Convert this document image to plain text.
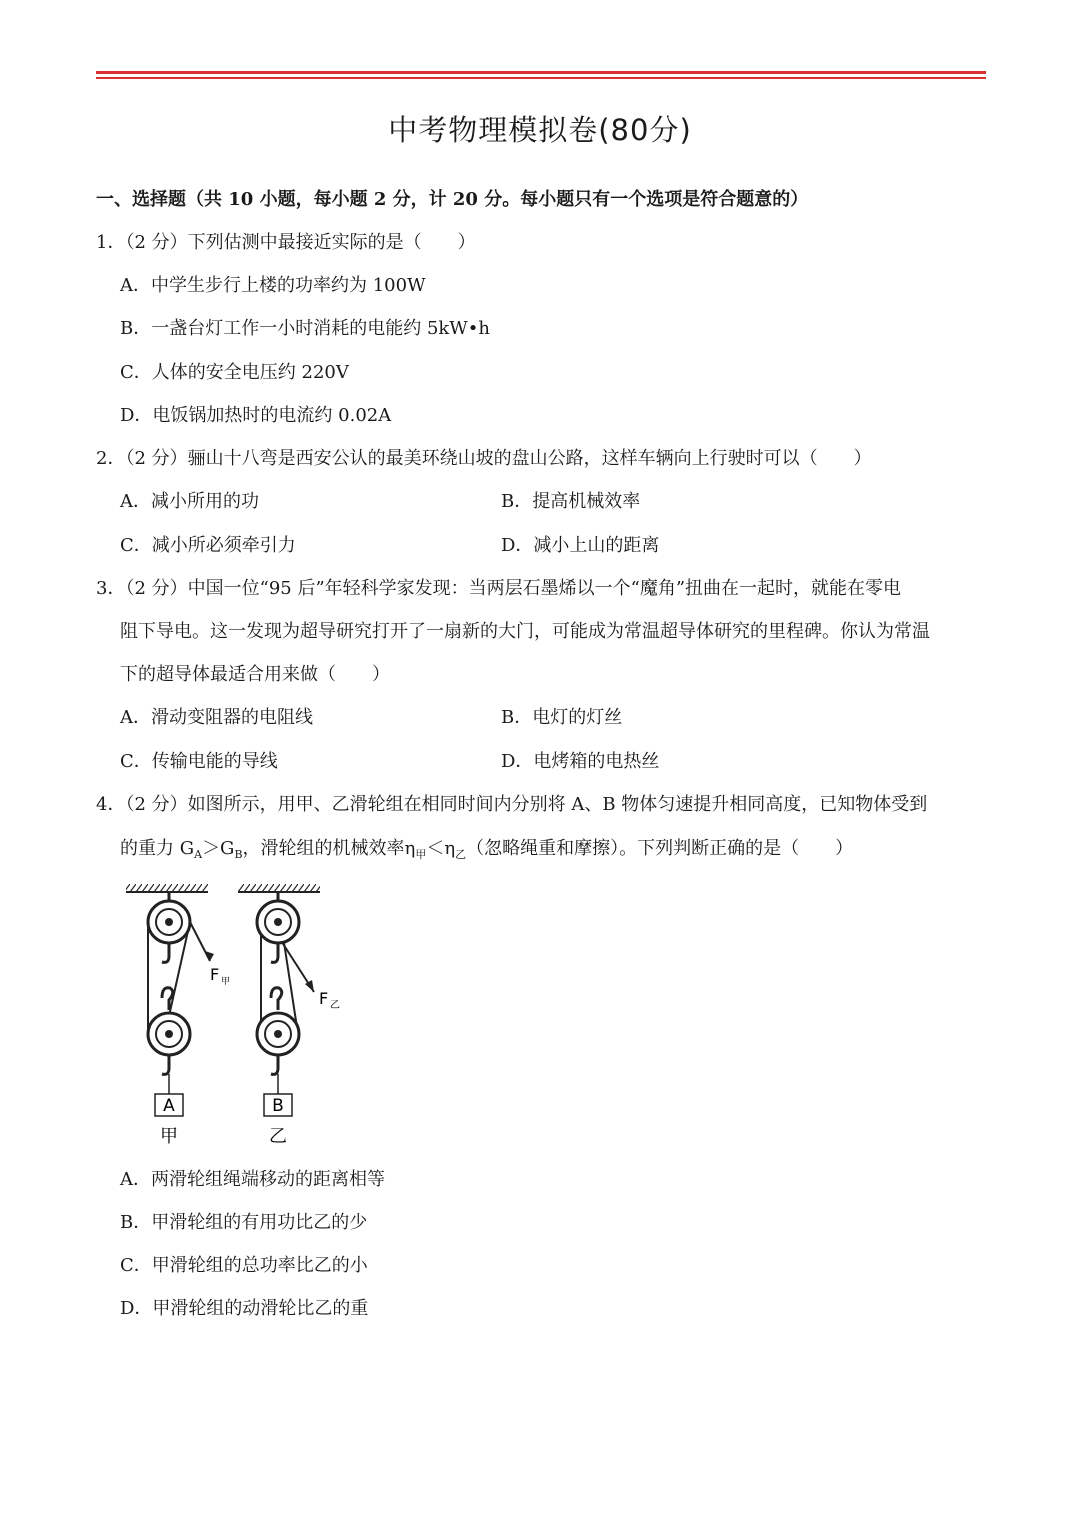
中考物理模拟卷(80分)
一、选择题（共 10 小题，每小题 2 分，计 20 分。每小题只有一个选项是符合题意的）
1．（2 分）下列估测中最接近实际的是（　　）
A．中学生步行上楼的功率约为 100W
B．一盏台灯工作一小时消耗的电能约 5kW•h
C．人体的安全电压约 220V
D．电饭锅加热时的电流约 0.02A
2．（2 分）骊山十八弯是西安公认的最美环绕山坡的盘山公路，这样车辆向上行驶时可以（　　）
A．减小所用的功	B．提高机械效率
C．减小所必须牵引力	D．减小上山的距离
3．（2 分）中国一位“95 后”年轻科学家发现：当两层石墨烯以一个“魔角”扭曲在一起时，就能在零电
阻下导电。这一发现为超导研究打开了一扇新的大门，可能成为常温超导体研究的里程碑。你认为常温
下的超导体最适合用来做（　　）
A．滑动变阻器的电阻线	B．电灯的灯丝
C．传输电能的导线	D．电烤箱的电热丝
4．（2 分）如图所示，用甲、乙滑轮组在相同时间内分别将 A、B 物体匀速提升相同高度，已知物体受到
的重力 $G_A>G_B$，滑轮组的机械效率$\eta_甲<\eta_乙$（忽略绳重和摩擦）。下列判断正确的是（　　）
A
甲
F 甲
B
乙
F 乙
A．两滑轮组绳端移动的距离相等
B．甲滑轮组的有用功比乙的少
C．甲滑轮组的总功率比乙的小
D．甲滑轮组的动滑轮比乙的重
